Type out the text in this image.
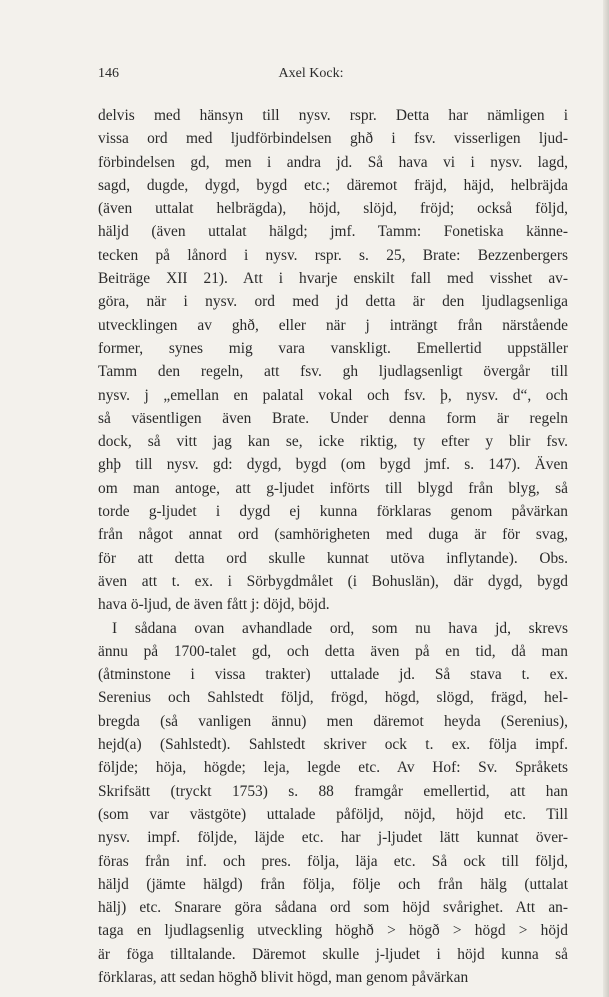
146	Axel Kock:
delvis med hänsyn till nysv. rspr. Detta har nämligen i
vissa ord med ljudförbindelsen ghð i fsv. visserligen ljud-
förbindelsen gd, men i andra jd. Så hava vi i nysv. lagd,
sagd, dugde, dygd, bygd etc.; däremot fräjd, häjd, helbräjda
(även uttalat helbrägda), höjd, slöjd, fröjd; också följd,
häljd (även uttalat hälgd; jmf. Tamm: Fonetiska känne-
tecken på lånord i nysv. rspr. s. 25, Brate: Bezzenbergers
Beiträge XII 21). Att i hvarje enskilt fall med visshet av-
göra, när i nysv. ord med jd detta är den ljudlagsenliga
utvecklingen av ghð, eller när j inträngt från närstående
former, synes mig vara vanskligt. Emellertid uppställer
Tamm den regeln, att fsv. gh ljudlagsenligt övergår till
nysv. j „emellan en palatal vokal och fsv. þ, nysv. d“, och
så väsentligen även Brate. Under denna form är regeln
dock, så vitt jag kan se, icke riktig, ty efter y blir fsv.
ghþ till nysv. gd: dygd, bygd (om bygd jmf. s. 147). Även
om man antoge, att g-ljudet införts till blygd från blyg, så
torde g-ljudet i dygd ej kunna förklaras genom påvärkan
från något annat ord (samhörigheten med duga är för svag,
för att detta ord skulle kunnat utöva inflytande). Obs.
även att t. ex. i Sörbygdmålet (i Bohuslän), där dygd, bygd
hava ö-ljud, de även fått j: döjd, böjd.
I sådana ovan avhandlade ord, som nu hava jd, skrevs
ännu på 1700-talet gd, och detta även på en tid, då man
(åtminstone i vissa trakter) uttalade jd. Så stava t. ex.
Serenius och Sahlstedt följd, frögd, högd, slögd, frägd, hel-
bregda (så vanligen ännu) men däremot heyda (Serenius),
hejd(a) (Sahlstedt). Sahlstedt skriver ock t. ex. följa impf.
följde; höja, högde; leja, legde etc. Av Hof: Sv. Språkets
Skrifsätt (tryckt 1753) s. 88 framgår emellertid, att han
(som var västgöte) uttalade påföljd, nöjd, höjd etc. Till
nysv. impf. följde, läjde etc. har j-ljudet lätt kunnat över-
föras från inf. och pres. följa, läja etc. Så ock till följd,
häljd (jämte hälgd) från följa, följe och från hälg (uttalat
hälj) etc. Snarare göra sådana ord som höjd svårighet. Att an-
taga en ljudlagsenlig utveckling höghð > högð > högd > höjd
är föga tilltalande. Däremot skulle j-ljudet i höjd kunna så
förklaras, att sedan höghð blivit högd, man genom påvärkan
